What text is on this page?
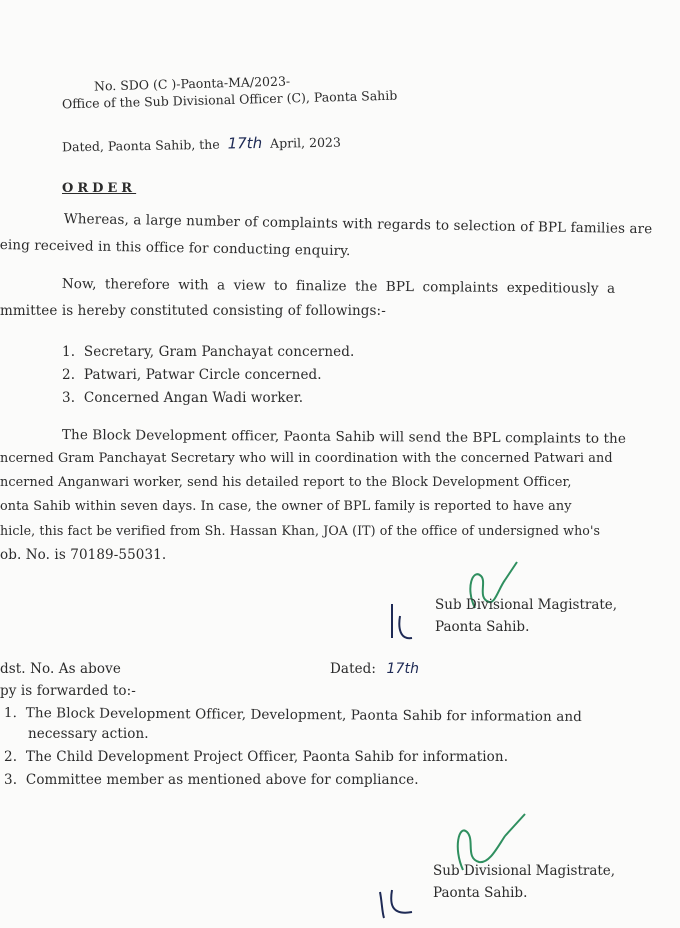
No. SDO (C )-Paonta-MA/2023-
Office of the Sub Divisional Officer (C), Paonta Sahib
Dated, Paonta Sahib, the 17th April, 2023
ORDER
Whereas, a large number of complaints with regards to selection of BPL families are
eing received in this office for conducting enquiry.
Now, therefore with a view to finalize the BPL complaints expeditiously a
mmittee is hereby constituted consisting of followings:-
1. Secretary, Gram Panchayat concerned.
2. Patwari, Patwar Circle concerned.
3. Concerned Angan Wadi worker.
The Block Development officer, Paonta Sahib will send the BPL complaints to the
ncerned Gram Panchayat Secretary who will in coordination with the concerned Patwari and
ncerned Anganwari worker, send his detailed report to the Block Development Officer,
onta Sahib within seven days. In case, the owner of BPL family is reported to have any
hicle, this fact be verified from Sh. Hassan Khan, JOA (IT) of the office of undersigned who's
ob. No. is 70189-55031.
Sub Divisional Magistrate,
Paonta Sahib.
dst. No. As above	Dated: 17th
py is forwarded to:-
1. The Block Development Officer, Development, Paonta Sahib for information and
necessary action.
2. The Child Development Project Officer, Paonta Sahib for information.
3. Committee member as mentioned above for compliance.
Sub Divisional Magistrate,
Paonta Sahib.
